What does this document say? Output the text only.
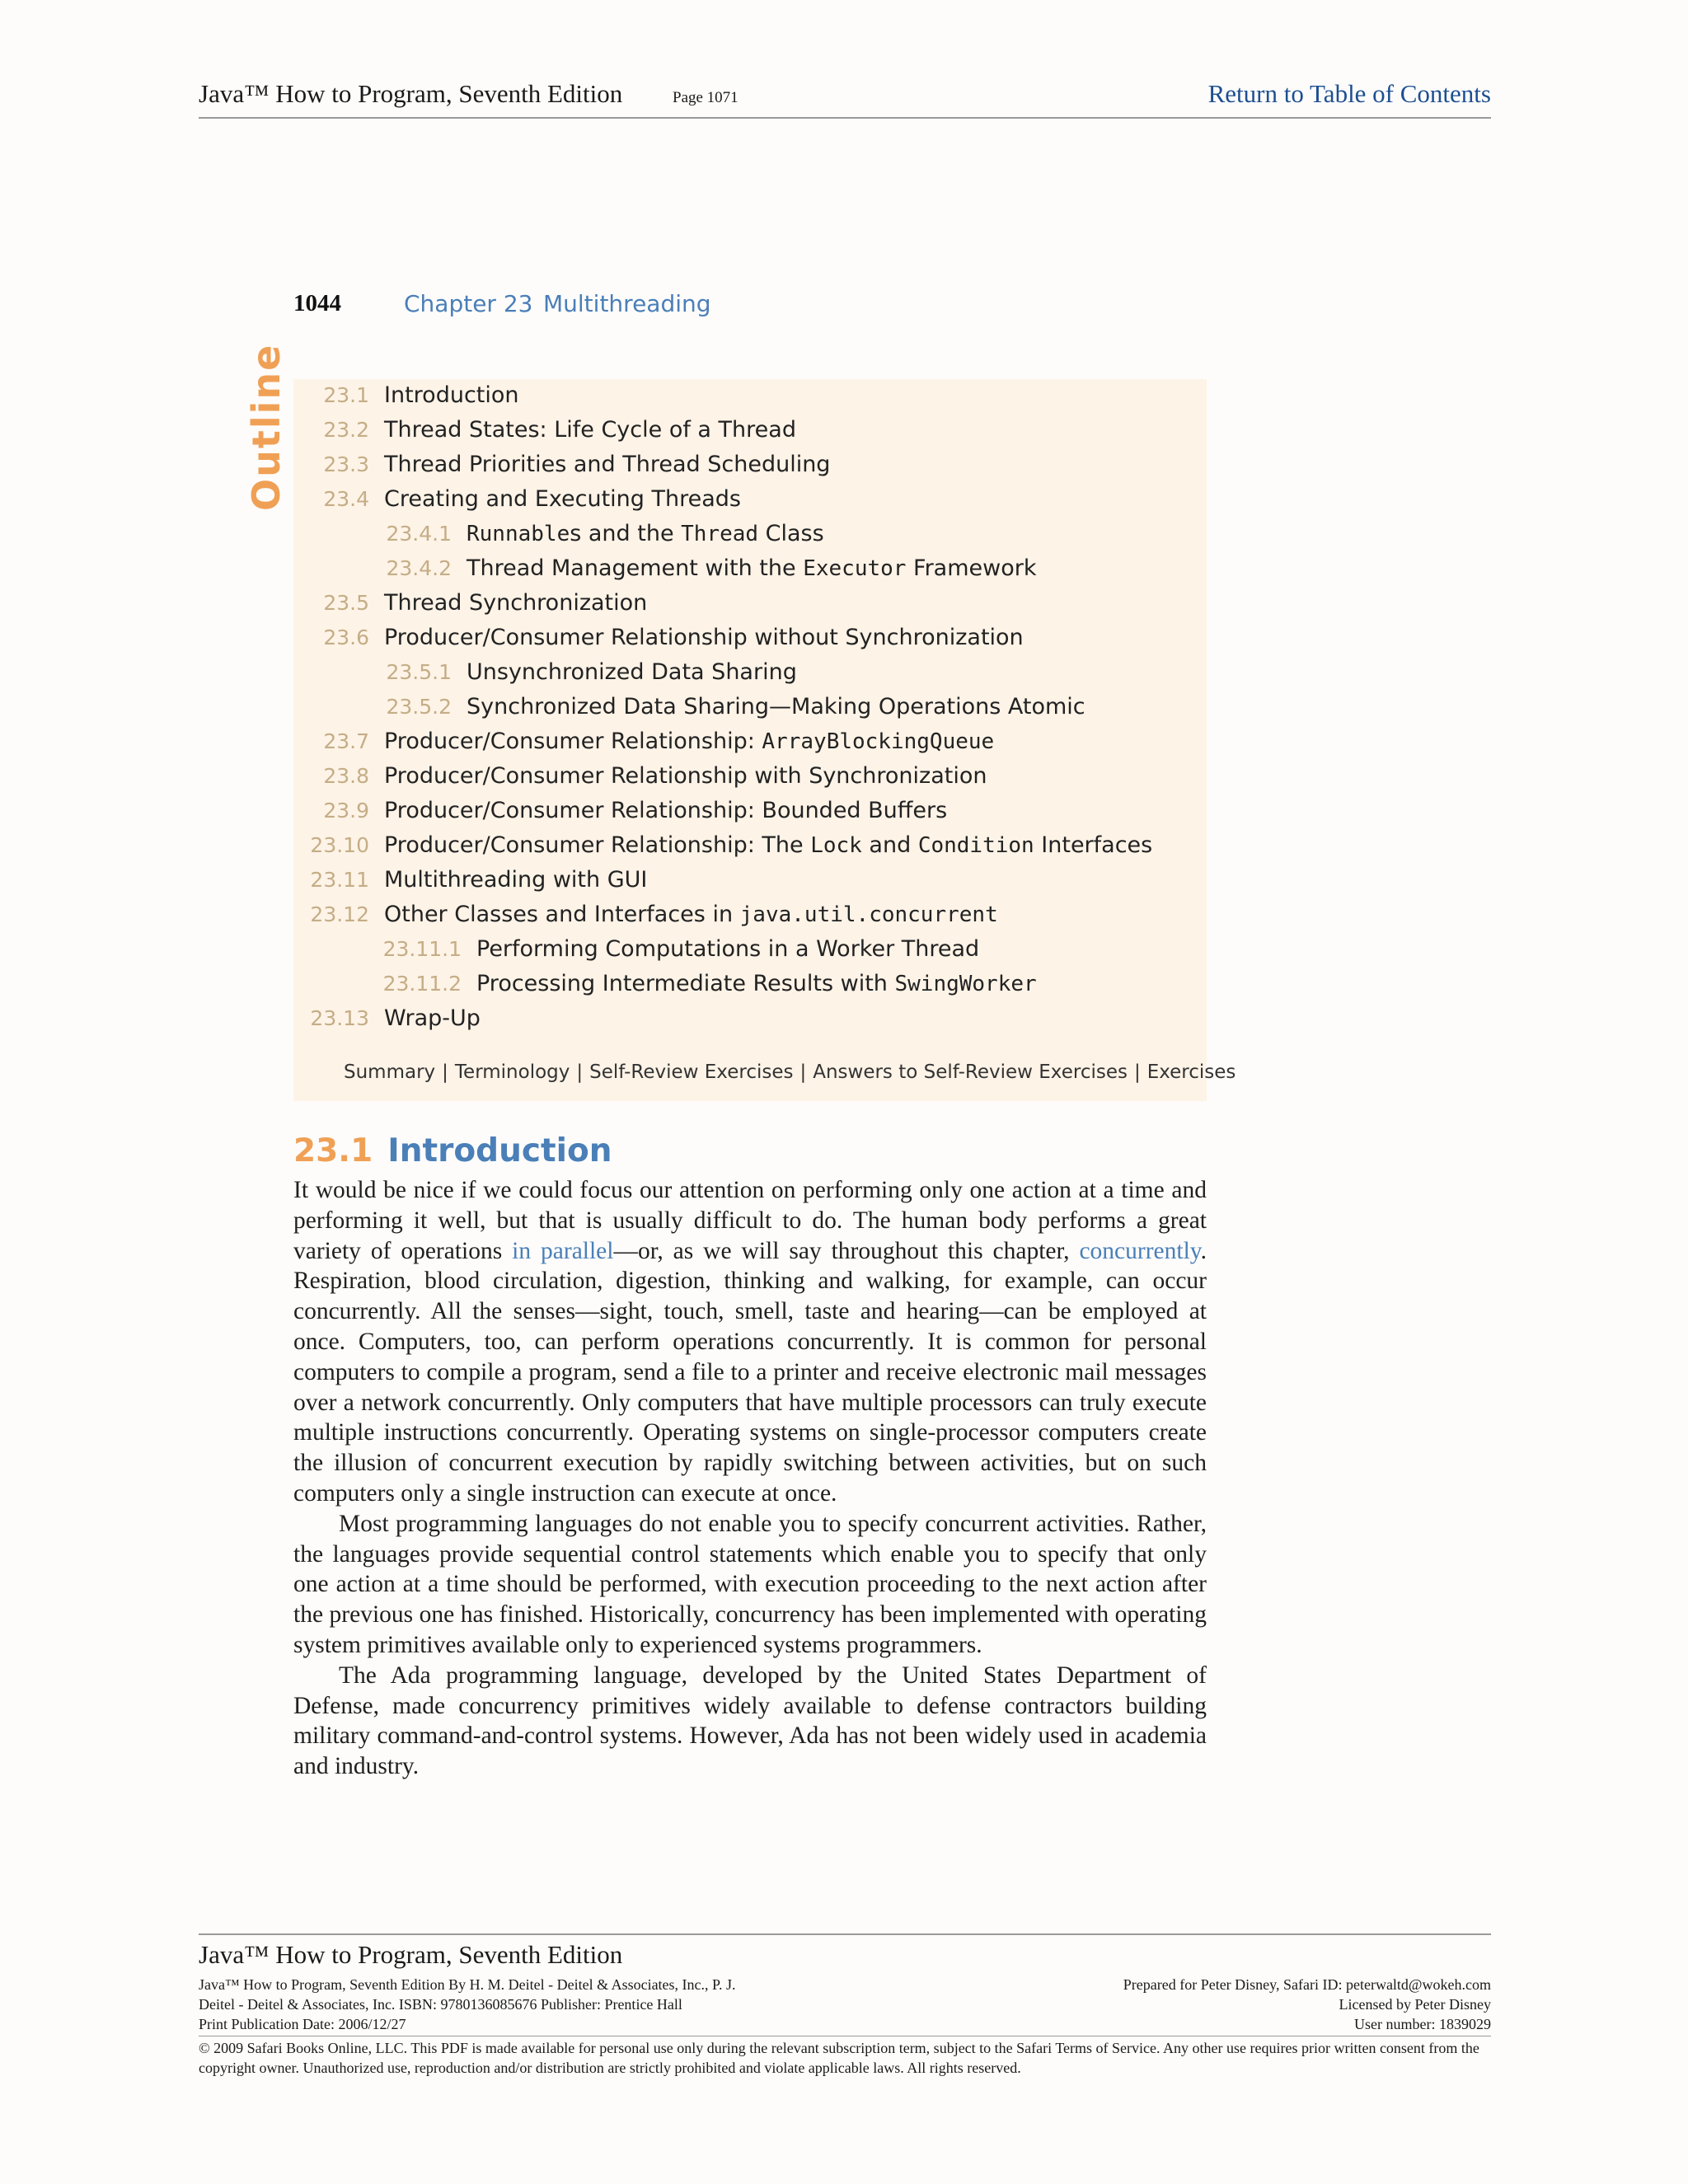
Java™ How to Program, Seventh Edition	Page 1071	Return to Table of Contents
1044	Chapter 23 Multithreading
Outline 23.1 Introduction
23.2 Thread States: Life Cycle of a Thread
23.3 Thread Priorities and Thread Scheduling
23.4 Creating and Executing Threads
23.4.1 Runnables and the Thread Class
23.4.2 Thread Management with the Executor Framework
23.5 Thread Synchronization
23.6 Producer/Consumer Relationship without Synchronization
23.5.1 Unsynchronized Data Sharing
23.5.2 Synchronized Data Sharing—Making Operations Atomic
23.7 Producer/Consumer Relationship: ArrayBlockingQueue
23.8 Producer/Consumer Relationship with Synchronization
23.9 Producer/Consumer Relationship: Bounded Buffers
23.10 Producer/Consumer Relationship: The Lock and Condition Interfaces
23.11 Multithreading with GUI
23.12 Other Classes and Interfaces in java.util.concurrent
23.11.1 Performing Computations in a Worker Thread
23.11.2 Processing Intermediate Results with SwingWorker
23.13 Wrap-Up
Summary | Terminology | Self-Review Exercises | Answers to Self-Review Exercises | Exercises
23.1 Introduction

It would be nice if we could focus our attention on performing only one action at a time and performing it well, but that is usually difficult to do. The human body performs a great variety of operations in parallel—or, as we will say throughout this chapter, concurrently. Respiration, blood circulation, digestion, thinking and walking, for example, can occur concurrently. All the senses—sight, touch, smell, taste and hearing—can be employed at once. Computers, too, can perform operations concurrently. It is common for personal computers to compile a program, send a file to a printer and receive electronic mail messages over a network concurrently. Only computers that have multiple processors can truly execute multiple instructions concurrently. Operating systems on single-processor computers create the illusion of concurrent execution by rapidly switching between activities, but on such computers only a single instruction can execute at once.

Most programming languages do not enable you to specify concurrent activities. Rather, the languages provide sequential control statements which enable you to specify that only one action at a time should be performed, with execution proceeding to the next action after the previous one has finished. Historically, concurrency has been implemented with operating system primitives available only to experienced systems programmers.

The Ada programming language, developed by the United States Department of Defense, made concurrency primitives widely available to defense contractors building military command-and-control systems. However, Ada has not been widely used in academia and industry.

Java™ How to Program, Seventh Edition
Java™ How to Program, Seventh Edition By H. M. Deitel - Deitel & Associates, Inc., P. J.
Deitel - Deitel & Associates, Inc. ISBN: 9780136085676 Publisher: Prentice Hall
Print Publication Date: 2006/12/27
Prepared for Peter Disney, Safari ID: peterwaltd@wokeh.com
Licensed by Peter Disney
User number: 1839029
© 2009 Safari Books Online, LLC. This PDF is made available for personal use only during the relevant subscription term, subject to the Safari Terms of Service. Any other use requires prior written consent from the copyright owner. Unauthorized use, reproduction and/or distribution are strictly prohibited and violate applicable laws. All rights reserved.
